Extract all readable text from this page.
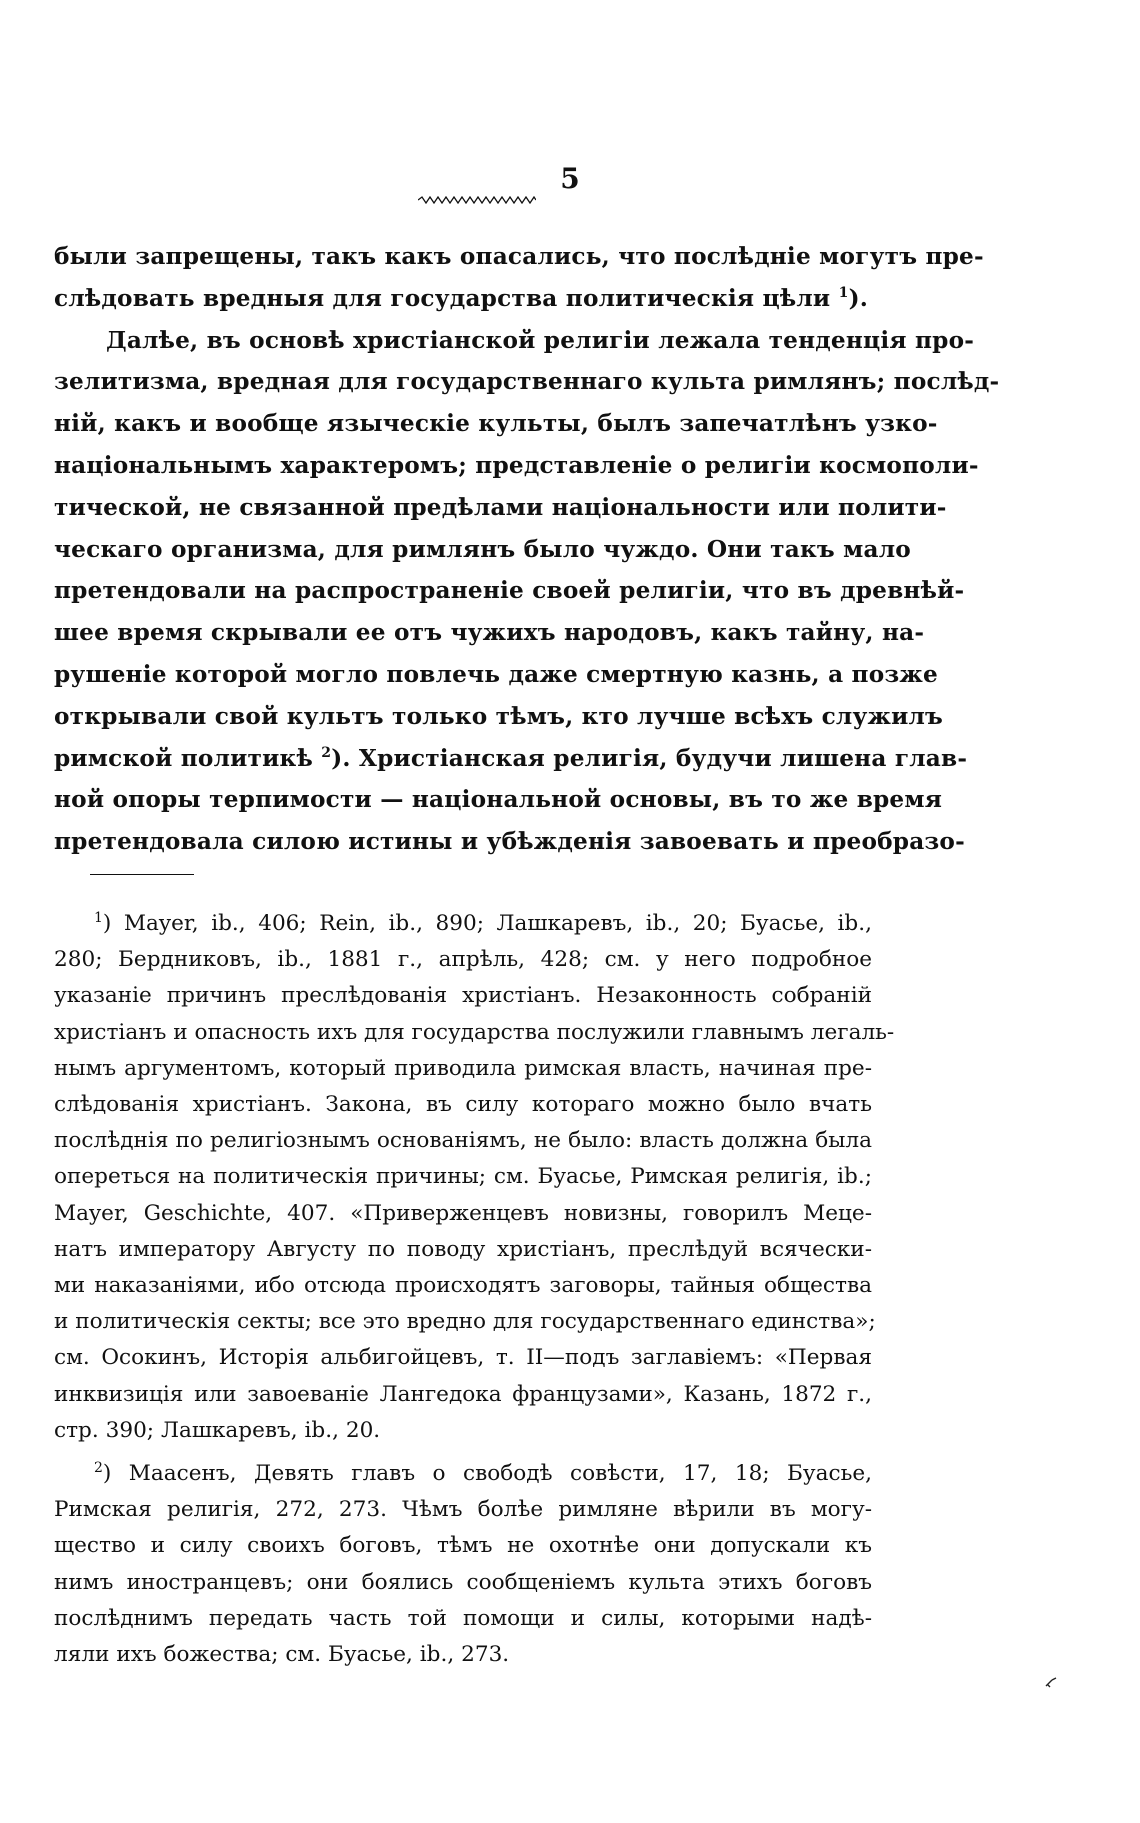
5

были запрещены, такъ какъ опасались, что послѣдніе могутъ пре-
слѣдовать вредныя для государства политическія цѣли $^1$).

Далѣе, въ основѣ христіанской религіи лежала тенденція про-
зелитизма, вредная для государственнаго культа римлянъ; послѣд-
ній, какъ и вообще языческіе культы, былъ запечатлѣнъ узко-
національнымъ характеромъ; представленіе о религіи космополи-
тической, не связанной предѣлами національности или полити-
ческаго организма, для римлянъ было чуждо. Они такъ мало
претендовали на распространеніе своей религіи, что въ древнѣй-
шее время скрывали ее отъ чужихъ народовъ, какъ тайну, на-
рушеніе которой могло повлечь даже смертную казнь, а позже
открывали свой культъ только тѣмъ, кто лучше всѣхъ служилъ
римской политикѣ $^2$). Христіанская религія, будучи лишена глав-
ной опоры терпимости — національной основы, въ то же время
претендовала силою истины и убѣжденія завоевать и преобразо-

$^1$) Mayer, ib., 406; Rein, ib., 890; Лашкаревъ, ib., 20; Буасье, ib.,
280; Бердниковъ, ib., 1881 г., апрѣль, 428; см. у него подробное
указаніе причинъ преслѣдованія христіанъ. Незаконность собраній
христіанъ и опасность ихъ для государства послужили главнымъ легаль-
нымъ аргументомъ, который приводила римская власть, начиная пре-
слѣдованія христіанъ. Закона, въ силу котораго можно было вчать
послѣднія по религіознымъ основаніямъ, не было: власть должна была
опереться на политическія причины; см. Буасье, Римская религія, ib.;
Mayer, Geschichte, 407. «Приверженцевъ новизны, говорилъ Мецe-
натъ императору Августу по поводу христіанъ, преслѣдуй всячески-
ми наказаніями, ибо отсюда происходятъ заговоры, тайныя общества
и политическія секты; все это вредно для государственнаго единства»;
см. Осокинъ, Исторія альбигойцевъ, т. II—подъ заглавіемъ: «Первая
инквизиція или завоеваніе Лангедока французами», Казань, 1872 г.,
стр. 390; Лашкаревъ, ib., 20.
$^2$) Маасенъ, Девять главъ о свободѣ совѣсти, 17, 18; Буасье,
Римская религія, 272, 273. Чѣмъ болѣе римляне вѣрили въ могу-
щество и силу своихъ боговъ, тѣмъ не охотнѣе они допускали къ
нимъ иностранцевъ; они боялись сообщеніемъ культа этихъ боговъ
послѣднимъ передать часть той помощи и силы, которыми надѣ-
ляли ихъ божества; см. Буасье, ib., 273.
